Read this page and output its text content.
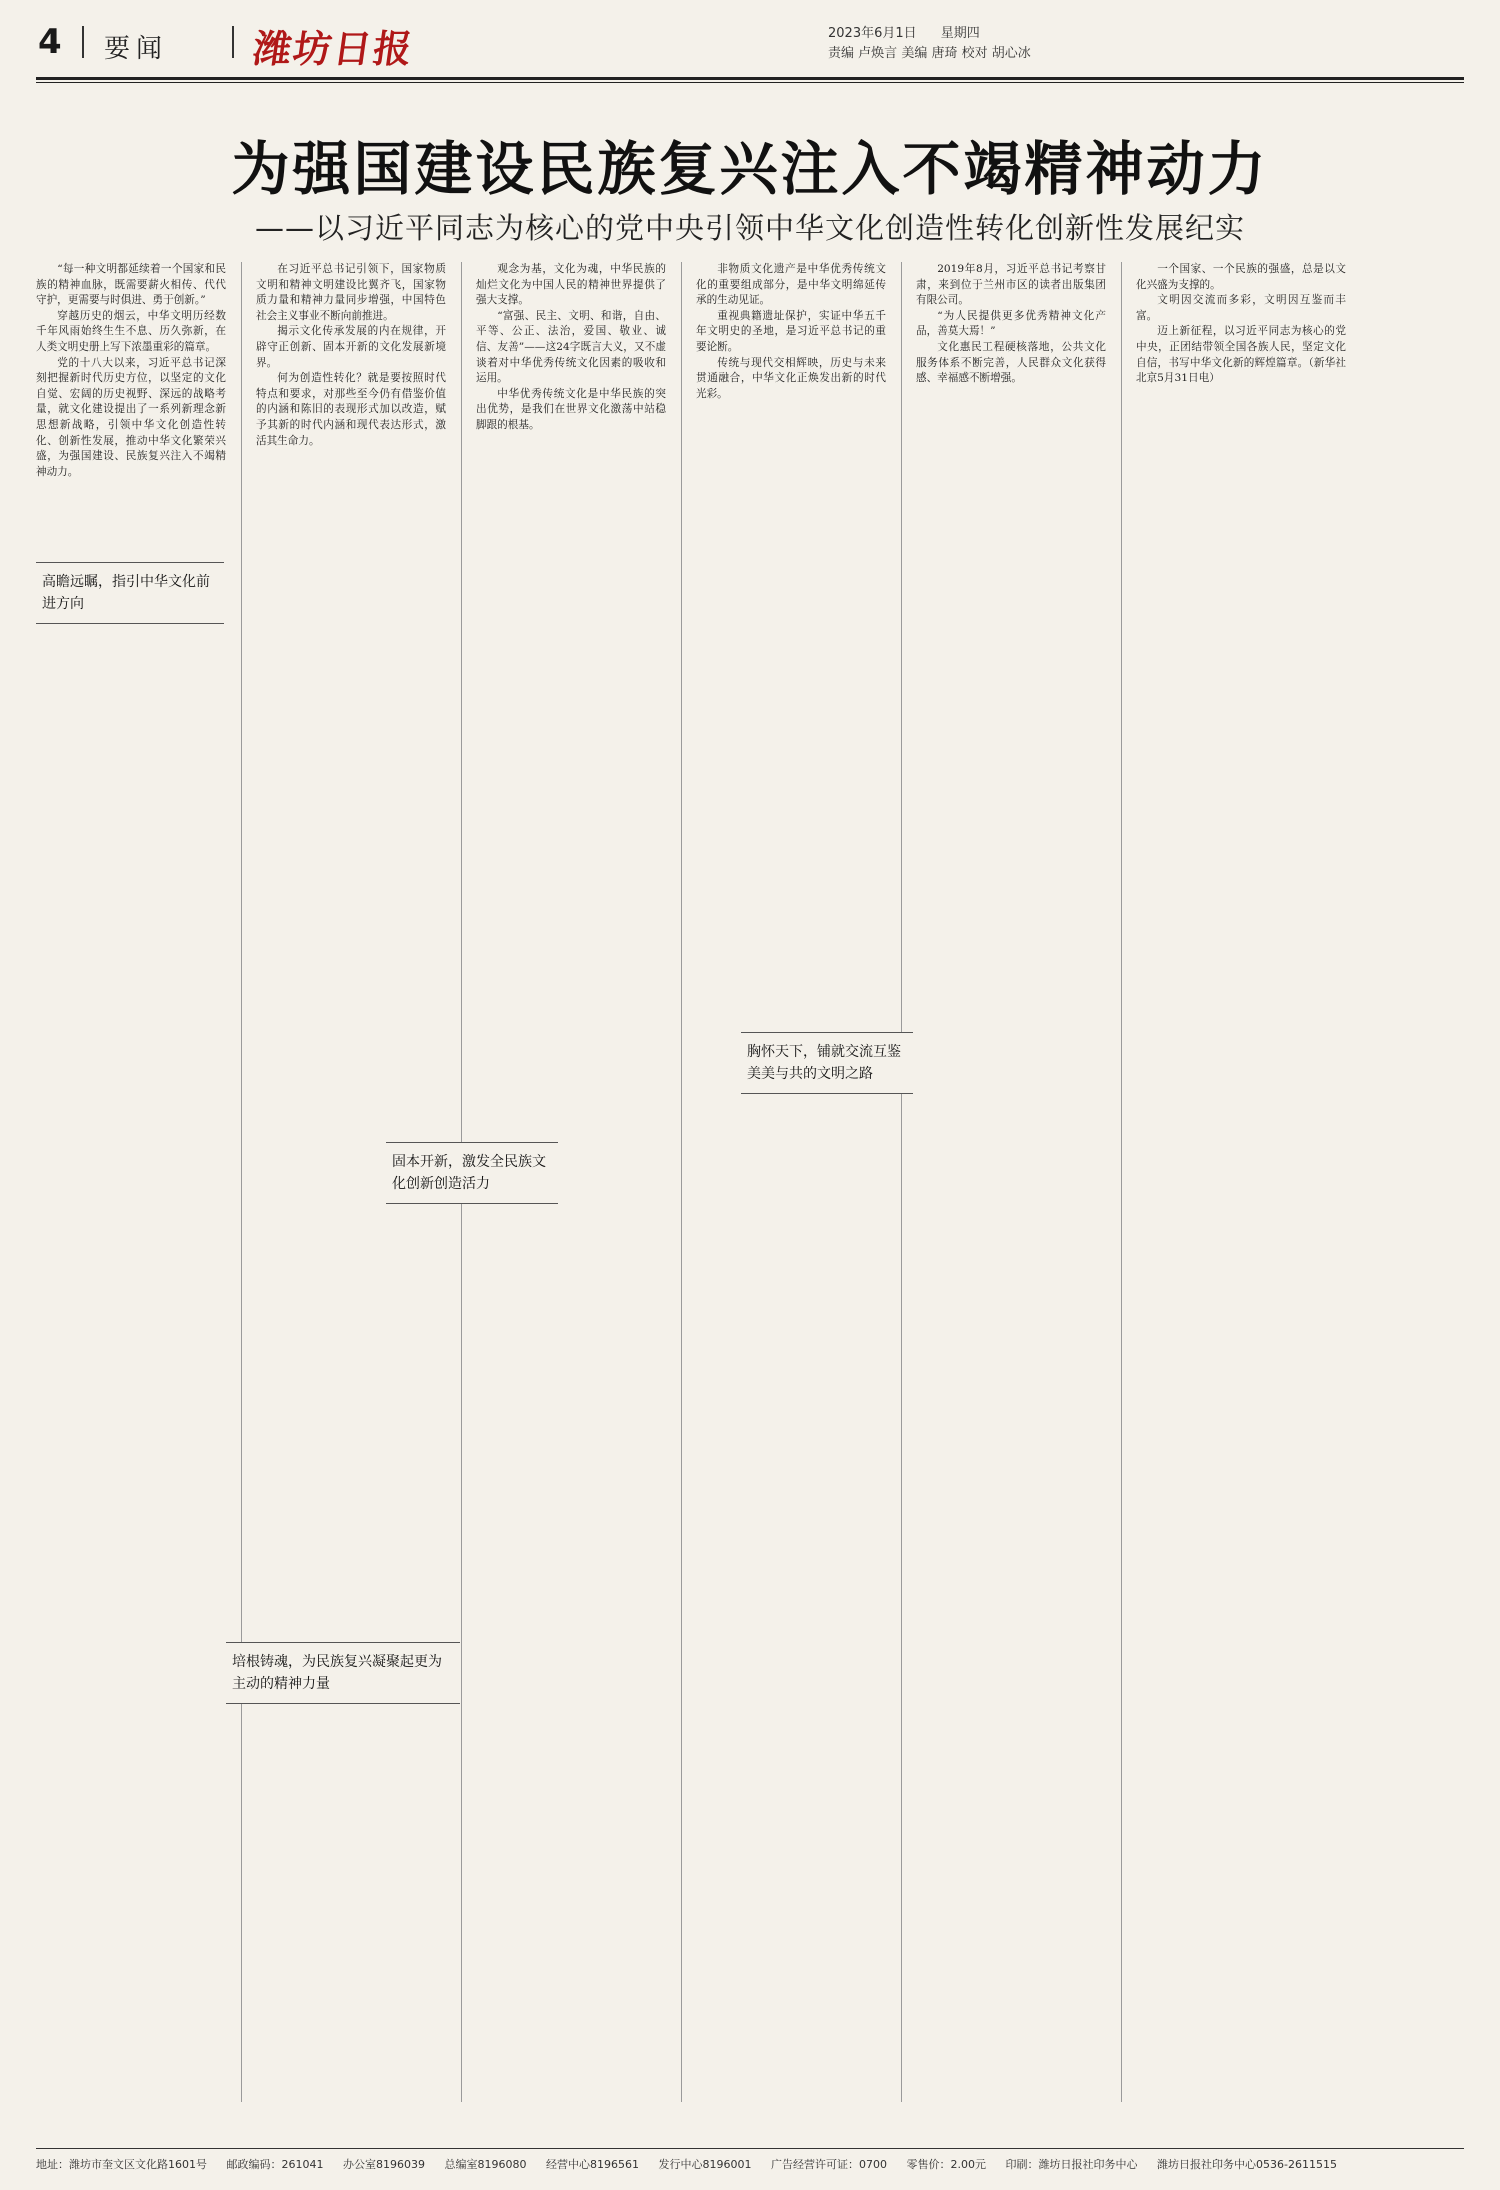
4 要闻 潍坊日报	2023年6月1日 星期四
责编 卢焕言 美编 唐琦 校对 胡心冰
为强国建设民族复兴注入不竭精神动力
——以习近平同志为核心的党中央引领中华文化创造性转化创新性发展纪实

“每一种文明都延续着一个国家和民族的精神血脉，既需要薪火相传、代代守护，更需要与时俱进、勇于创新。”

穿越历史的烟云，中华文明历经数千年风雨始终生生不息、历久弥新，在人类文明史册上写下浓墨重彩的篇章。

党的十八大以来，习近平总书记深刻把握新时代历史方位，以坚定的文化自觉、宏阔的历史视野、深远的战略考量，就文化建设提出了一系列新理念新思想新战略，引领中华文化创造性转化、创新性发展，推动中华文化繁荣兴盛，为强国建设、民族复兴注入不竭精神动力。

在习近平总书记引领下，国家物质文明和精神文明建设比翼齐飞，国家物质力量和精神力量同步增强，中国特色社会主义事业不断向前推进。

揭示文化传承发展的内在规律，开辟守正创新、固本开新的文化发展新境界。

何为创造性转化？就是要按照时代特点和要求，对那些至今仍有借鉴价值的内涵和陈旧的表现形式加以改造，赋予其新的时代内涵和现代表达形式，激活其生命力。

观念为基，文化为魂，中华民族的灿烂文化为中国人民的精神世界提供了强大支撑。

“富强、民主、文明、和谐，自由、平等、公正、法治，爱国、敬业、诚信、友善”——这24字既言大义，又不虚谈着对中华优秀传统文化因素的吸收和运用。

中华优秀传统文化是中华民族的突出优势，是我们在世界文化激荡中站稳脚跟的根基。

非物质文化遗产是中华优秀传统文化的重要组成部分，是中华文明绵延传承的生动见证。

重视典籍遗址保护，实证中华五千年文明史的圣地，是习近平总书记的重要论断。

传统与现代交相辉映，历史与未来贯通融合，中华文化正焕发出新的时代光彩。

2019年8月，习近平总书记考察甘肃，来到位于兰州市区的读者出版集团有限公司。

“为人民提供更多优秀精神文化产品，善莫大焉！”

文化惠民工程硬核落地，公共文化服务体系不断完善，人民群众文化获得感、幸福感不断增强。

一个国家、一个民族的强盛，总是以文化兴盛为支撑的。

文明因交流而多彩，文明因互鉴而丰富。

迈上新征程，以习近平同志为核心的党中央，正团结带领全国各族人民，坚定文化自信，书写中华文化新的辉煌篇章。（新华社北京5月31日电）

高瞻远瞩，指引中华文化前进方向
固本开新，激发全民族文化创新创造活力
培根铸魂，为民族复兴凝聚起更为主动的精神力量
胸怀天下，铺就交流互鉴美美与共的文明之路
地址：潍坊市奎文区文化路1601号 邮政编码：261041 办公室8196039 总编室8196080 经营中心8196561 发行中心8196001 广告经营许可证：0700 零售价：2.00元 印刷：潍坊日报社印务中心 潍坊日报社印务中心0536-2611515
